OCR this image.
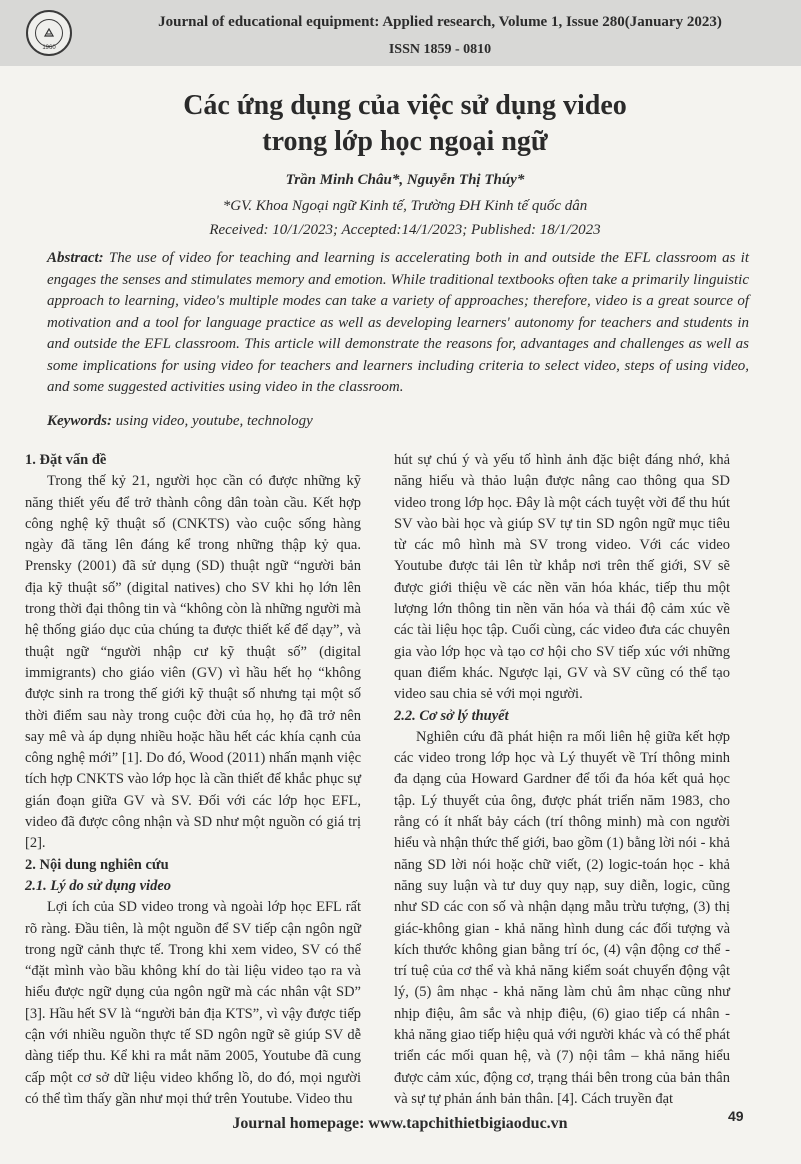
1960
Journal of educational equipment: Applied research, Volume 1, Issue 280(January 2023)
ISSN 1859 - 0810
Các ứng dụng của việc sử dụng video
trong lớp học ngoại ngữ
Trần Minh Châu*, Nguyễn Thị Thúy*
*GV. Khoa Ngoại ngữ Kinh tế, Trường ĐH Kinh tế quốc dân
Received: 10/1/2023; Accepted:14/1/2023; Published: 18/1/2023
Abstract: The use of video for teaching and learning is accelerating both in and outside the EFL classroom as it engages the senses and stimulates memory and emotion. While traditional textbooks often take a primarily linguistic approach to learning, video's multiple modes can take a variety of approaches; therefore, video is a great source of motivation and a tool for language practice as well as developing learners' autonomy for teachers and students in and outside the EFL classroom. This article will demonstrate the reasons for, advantages and challenges as well as some implications for using video for teachers and learners including criteria to select video, steps of using video, and some suggested activities using video in the classroom.
Keywords: using video, youtube, technology
1. Đặt vấn đề

Trong thế kỷ 21, người học cần có được những kỹ năng thiết yếu để trở thành công dân toàn cầu. Kết hợp công nghệ kỹ thuật số (CNKTS) vào cuộc sống hàng ngày đã tăng lên đáng kể trong những thập kỷ qua. Prensky (2001) đã sử dụng (SD) thuật ngữ “người bản địa kỹ thuật số” (digital natives) cho SV khi họ lớn lên trong thời đại thông tin và “không còn là những người mà hệ thống giáo dục của chúng ta được thiết kế để dạy”, và thuật ngữ “người nhập cư kỹ thuật số” (digital immigrants) cho giáo viên (GV) vì hầu hết họ “không được sinh ra trong thế giới kỹ thuật số nhưng tại một số thời điểm sau này trong cuộc đời của họ, họ đã trở nên say mê và áp dụng nhiều hoặc hầu hết các khía cạnh của công nghệ mới” [1]. Do đó, Wood (2011) nhấn mạnh việc tích hợp CNKTS vào lớp học là cần thiết để khắc phục sự gián đoạn giữa GV và SV. Đối với các lớp học EFL, video đã được công nhận và SD như một nguồn có giá trị [2].

2. Nội dung nghiên cứu
2.1. Lý do sử dụng video

Lợi ích của SD video trong và ngoài lớp học EFL rất rõ ràng. Đầu tiên, là một nguồn để SV tiếp cận ngôn ngữ trong ngữ cảnh thực tế. Trong khi xem video, SV có thể “đặt mình vào bầu không khí do tài liệu video tạo ra và hiểu được ngữ dụng của ngôn ngữ mà các nhân vật SD” [3]. Hầu hết SV là “người bản địa KTS”, vì vậy được tiếp cận với nhiều nguồn thực tế SD ngôn ngữ sẽ giúp SV dễ dàng tiếp thu. Kể khi ra mắt năm 2005, Youtube đã cung cấp một cơ sở dữ liệu video khổng lồ, do đó, mọi người có thể tìm thấy gần như mọi thứ trên Youtube. Video thu

hút sự chú ý và yếu tố hình ảnh đặc biệt đáng nhớ, khả năng hiểu và thảo luận được nâng cao thông qua SD video trong lớp học. Đây là một cách tuyệt vời để thu hút SV vào bài học và giúp SV tự tin SD ngôn ngữ mục tiêu từ các mô hình mà SV trong video. Với các video Youtube được tải lên từ khắp nơi trên thế giới, SV sẽ được giới thiệu về các nền văn hóa khác, tiếp thu một lượng lớn thông tin nền văn hóa và thái độ cảm xúc về các tài liệu học tập. Cuối cùng, các video đưa các chuyên gia vào lớp học và tạo cơ hội cho SV tiếp xúc với những quan điểm khác. Ngược lại, GV và SV cũng có thể tạo video sau chia sẻ với mọi người.

2.2. Cơ sở lý thuyết

Nghiên cứu đã phát hiện ra mối liên hệ giữa kết hợp các video trong lớp học và Lý thuyết về Trí thông minh đa dạng của Howard Gardner để tối đa hóa kết quả học tập. Lý thuyết của ông, được phát triển năm 1983, cho rằng có ít nhất bảy cách (trí thông minh) mà con người hiểu và nhận thức thế giới, bao gồm (1) bằng lời nói - khả năng SD lời nói hoặc chữ viết, (2) logic-toán học - khả năng suy luận và tư duy quy nạp, suy diễn, logic, cũng như SD các con số và nhận dạng mẫu trừu tượng, (3) thị giác-không gian - khả năng hình dung các đối tượng và kích thước không gian bằng trí óc, (4) vận động cơ thể - trí tuệ của cơ thể và khả năng kiểm soát chuyển động vật lý, (5) âm nhạc - khả năng làm chủ âm nhạc cũng như nhịp điệu, âm sắc và nhịp điệu, (6) giao tiếp cá nhân - khả năng giao tiếp hiệu quả với người khác và có thể phát triển các mối quan hệ, và (7) nội tâm – khả năng hiểu được cảm xúc, động cơ, trạng thái bên trong của bản thân và sự tự phản ánh bản thân. [4]. Cách truyền đạt

Journal homepage: www.tapchithietbigiaoduc.vn	49
